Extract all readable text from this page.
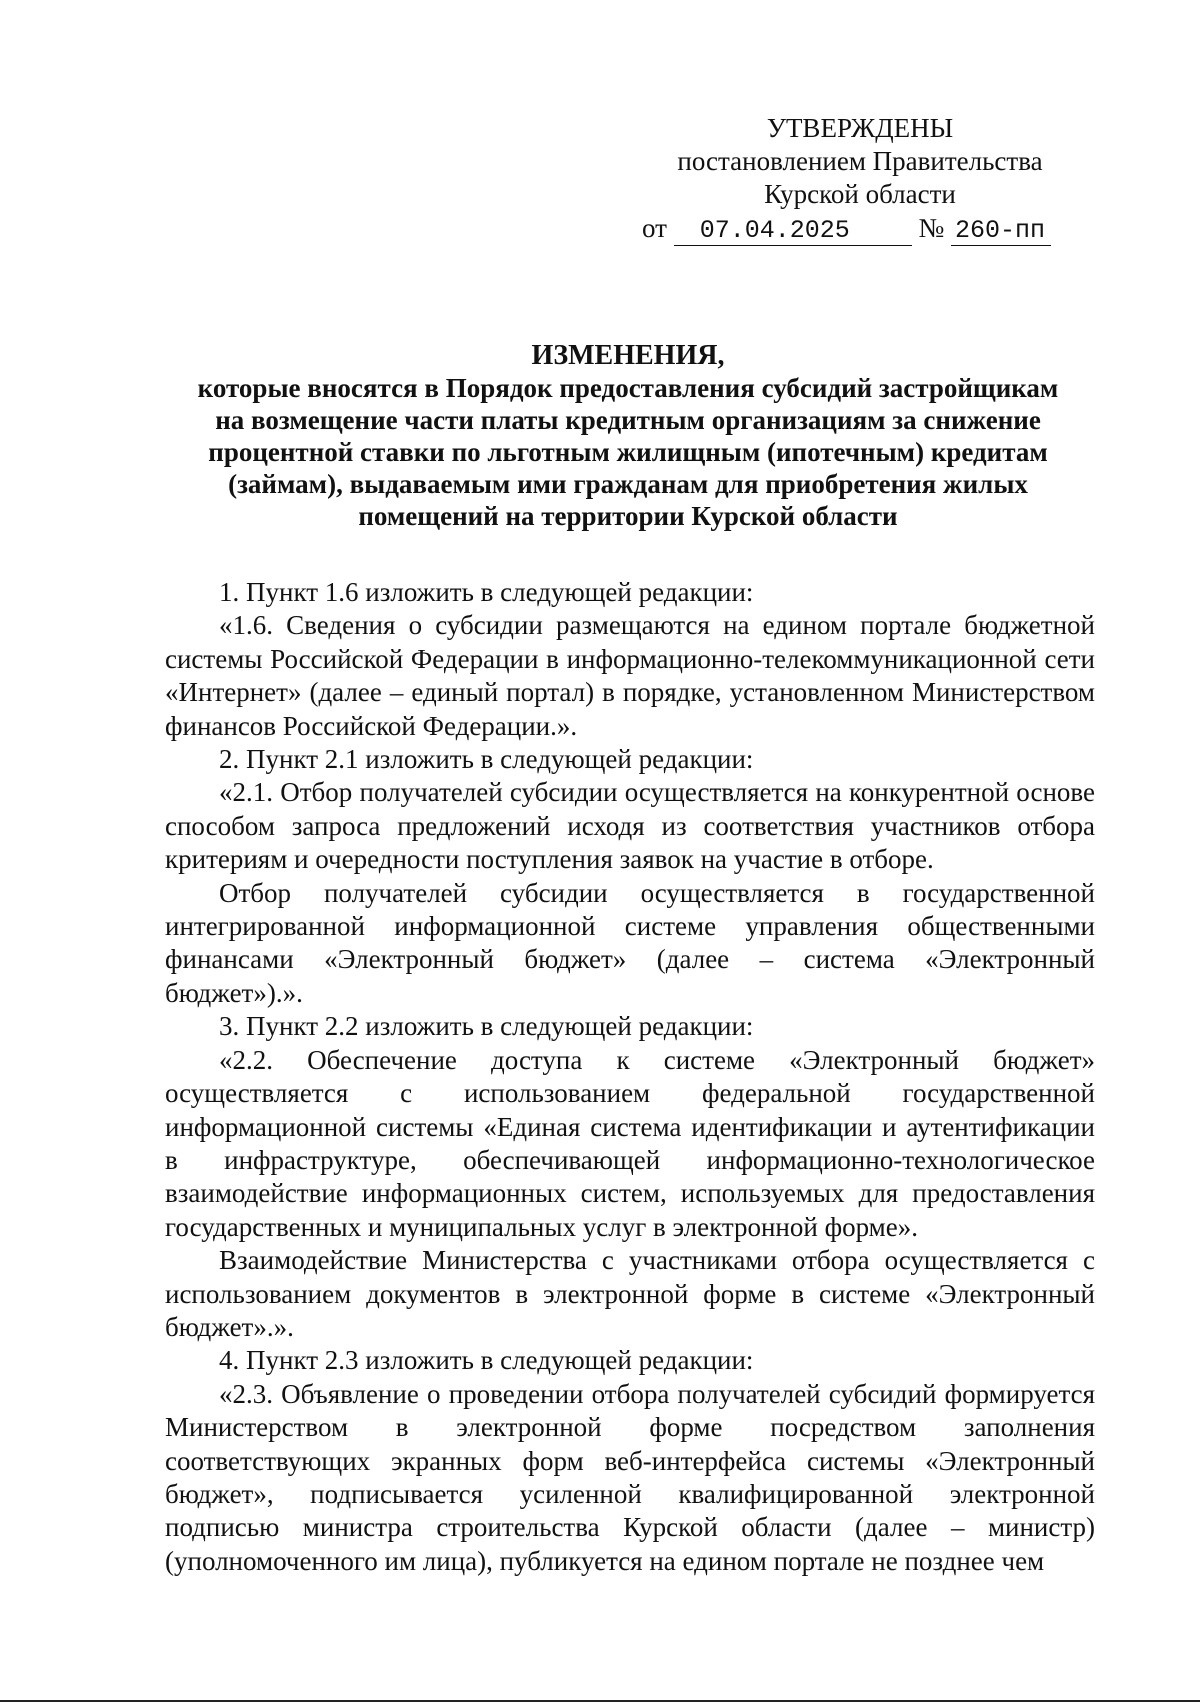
УТВЕРЖДЕНЫ
постановлением Правительства
Курской области
от 07.04.2025	№ 260-пп
ИЗМЕНЕНИЯ,
которые вносятся в Порядок предоставления субсидий застройщикам
на возмещение части платы кредитным организациям за снижение
процентной ставки по льготным жилищным (ипотечным) кредитам
(займам), выдаваемым ими гражданам для приобретения жилых
помещений на территории Курской области

1. Пункт 1.6 изложить в следующей редакции:

«1.6. Сведения о субсидии размещаются на едином портале бюджетной системы Российской Федерации в информационно-телекоммуникационной сети «Интернет» (далее – единый портал) в порядке, установленном Министерством финансов Российской Федерации.».

2. Пункт 2.1 изложить в следующей редакции:

«2.1. Отбор получателей субсидии осуществляется на конкурентной основе способом запроса предложений исходя из соответствия участников отбора критериям и очередности поступления заявок на участие в отборе.

Отбор получателей субсидии осуществляется в государственной интегрированной информационной системе управления общественными финансами «Электронный бюджет» (далее – система «Электронный бюджет»).».

3. Пункт 2.2 изложить в следующей редакции:

«2.2. Обеспечение доступа к системе «Электронный бюджет» осуществляется с использованием федеральной государственной информационной системы «Единая система идентификации и аутентификации в инфраструктуре, обеспечивающей информационно-технологическое взаимодействие информационных систем, используемых для предоставления государственных и муниципальных услуг в электронной форме».

Взаимодействие Министерства с участниками отбора осуществляется с использованием документов в электронной форме в системе «Электронный бюджет».».

4. Пункт 2.3 изложить в следующей редакции:

«2.3. Объявление о проведении отбора получателей субсидий формируется Министерством в электронной форме посредством заполнения соответствующих экранных форм веб-интерфейса системы «Электронный бюджет», подписывается усиленной квалифицированной электронной подписью министра строительства Курской области (далее – министр) (уполномоченного им лица), публикуется на едином портале не позднее чем
